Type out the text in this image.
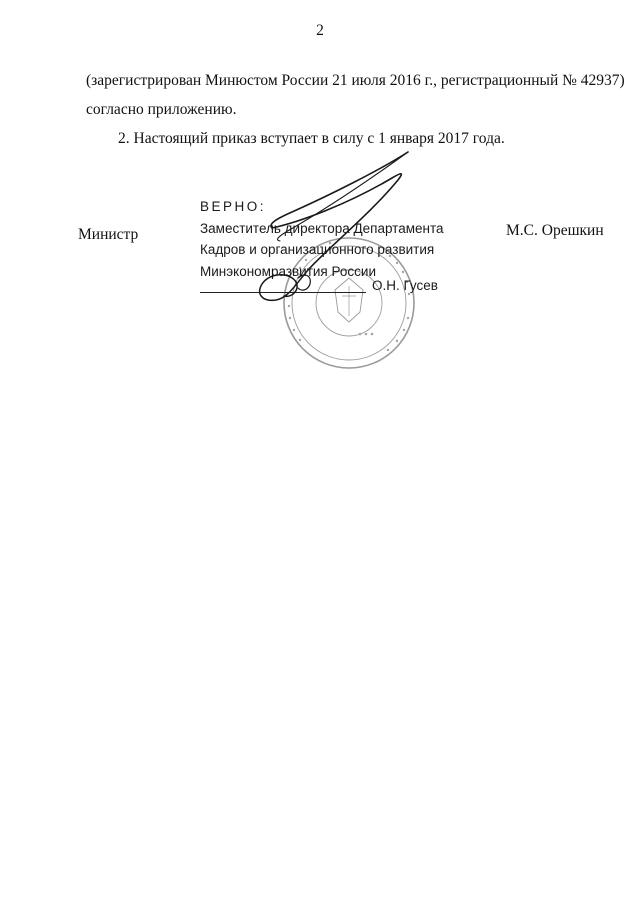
2
(зарегистрирован Минюстом России 21 июля 2016 г., регистрационный № 42937)
согласно приложению.
2. Настоящий приказ вступает в силу с 1 января 2017 года.
Министр	М.С. Орешкин
ВЕРНО:
Заместитель директора Департамента
Кадров и организационного развития
Минэкономразвития России
О.Н. Гусев
